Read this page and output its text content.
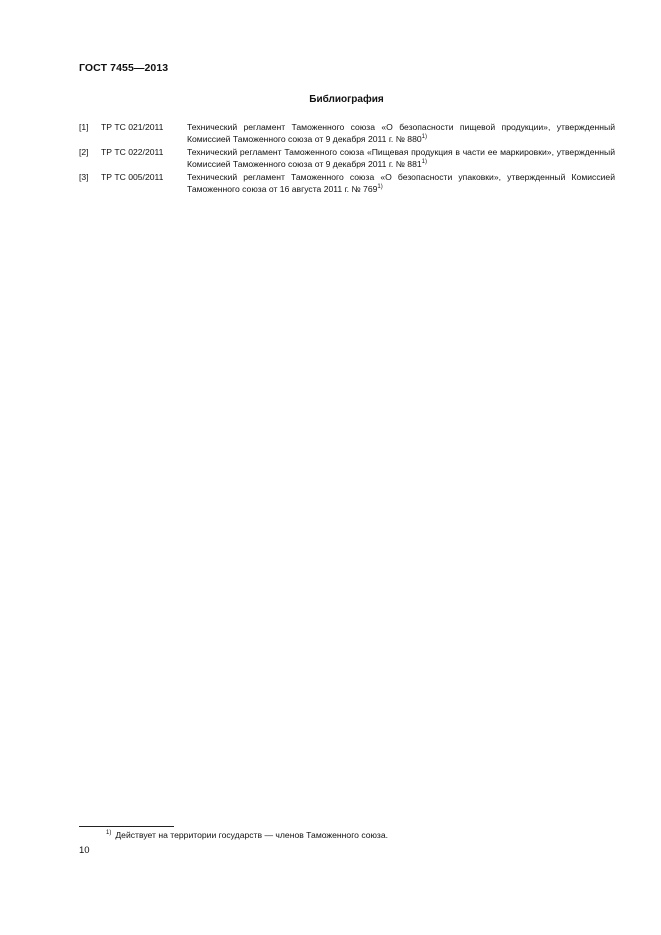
ГОСТ 7455—2013
Библиография
[1] ТР ТС 021/2011	Технический регламент Таможенного союза «О безопасности пищевой продукции», утвержденный Комиссией Таможенного союза от 9 декабря 2011 г. № 880$^{1)}$
[2] ТР ТС 022/2011	Технический регламент Таможенного союза «Пищевая продукция в части ее маркировки», утвержденный Комиссией Таможенного союза от 9 декабря 2011 г. № 881$^{1)}$
[3] ТР ТС 005/2011	Технический регламент Таможенного союза «О безопасности упаковки», утвержденный Комиссией Таможенного союза от 16 августа 2011 г. № 769$^{1)}$
$^{1)}$ Действует на территории государств — членов Таможенного союза.
10
